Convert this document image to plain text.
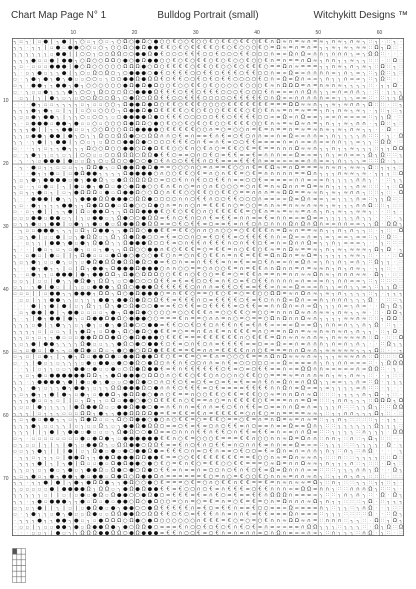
Chart Map Page N° 1	Bulldog Portrait (small)	Witchykitt Designs ™
10	20	30	40	50	60
10
20
30
40
50
60
70
╮ ▫ ╮ ǀ ▫ ● ǀ ╮ ● ǀ ╮ ○ ▫ ╮ ○ ▫ ╮ ○ Ω ○ ● Ω ○ ● ○ ○ € ○ ○ € ○ ○ € ○ € € ○ € € ○ € € ∩ Ω ≈ ∩ = ≈ ∩ = ≈ ╮ ∩ ≈ ╮ ∩ ≈ ╮ ∷ ╮ · ∷ ╮ ·
╮ ╮ · ╮ ╮ ǀ ▫ ● ▫ ● ● ○ ○ ▫ ○ ╮ ○ ○ Ω ○ ● Ω ● ● € € ○ € ○ € € € € ○ € ○ € ○ ○ ○ € ○ = Ω ≈ = ∩ = ∩ = ╮ ╮ ≈ ╮ ≈ ╮ ≈ ≈ ∷ Ω ╮ Ω ∷ ·
╮ ╮ ╮ ╮ ╮ ╮ ▫ ● ● ǀ ǀ ○ ○ ╮ ○ ○ Ω Ω ○ ○ ● ● Ω ● € ○ ○ ○ € € € ○ ○ € ○ ○ ○ € € ○ ○ ○ ∩ = ≈ Ω ∩ Ω ≈ ∩ ∩ ╮ ∩ ∩ ∩ ╮ ≈ ╮ Ω Ω ∷ · · ·
╮ ╮ ╮ ● ▫ ▫ ● ǀ ● ● ╮ ○ Ω ○ ○ Ω Ω ○ ● ○ ● Ω ● ● ○ ○ € ○ € ○ € € ○ € ○ € ○ ○ € ○ ○ € ∩ = ∩ = = ∩ Ω ≈ ╮ ∩ ∩ ╮ ╮ ≈ ╮ ╮ ∷ ∷ · ∷ Ω ∷
╮ ▫ · ▫ ▫ ▫ ● ● ● ǀ ● ○ Ω ○ ○ ○ ○ ○ Ω Ω Ω ● ○ Ω ○ € € € € ○ € € ○ € ○ ○ € ○ € € € ○ = = Ω ∩ ≈ = = = ╮ ╮ ∩ ≈ ╮ ∩ ╮ ≈ ╮ ∷ Ω ∷ ╮ ∷
╮ · ▫ ╮ ● ▫ ╮ ╮ ● ǀ ╮ ○ ▫ Ω ○ Ω ○ ╮ ○ ● ● ● ○ ● € ○ € € € ○ ○ € € ○ € € € ○ € € ○ ○ ∩ = ≈ Ω = ≈ ∩ ∩ ∩ ∩ ≈ ╮ ∩ ╮ ≈ ╮ ∷ ╮ Ω ∷ ╮ ∷
▫ · ╮ ● ╮ ● ╮ ● ╮ ● ▫ ▫ ○ ○ ▫ ╮ ○ ○ ● ● Ω ● Ω Ω € ○ € € ○ ○ € ○ € ○ € € ○ ○ ○ ○ € ○ ∩ ≈ Ω = Ω ∩ ≈ ≈ ╮ ∩ ╮ ╮ ∩ ≈ ≈ ╮ ∷ ╮ Ω ∷ · ·
▫ ╮ · ● ● ╮ ╮ ● ● ╮ ● ╮ ○ ○ ○ ○ ○ ○ ● Ω ● Ω ● Ω ○ ○ € ○ ○ € € ○ € ○ ○ ○ ○ € ○ ○ ○ € ≈ ∩ Ω Ω Ω = ∩ = ∩ ≈ ∩ ≈ ╮ ╮ ╮ ╮ ∷ · ╮ ╮ Ω ·
▫ · ╮ ▫ ▫ ● ╮ ╮ ╮ ● ╮ ○ ○ ╮ Ω ○ ○ ○ Ω ○ ● ● ● Ω € € € ○ € € ○ € € € ○ ○ ○ € ○ ○ ○ € ∩ = ≈ = ∩ ∩ Ω ∩ ╮ ╮ ≈ ∩ ≈ ∩ ∩ ╮ · ∷ · ╮ ╮ ╮
· ▫ ╮ ǀ ╮ ǀ ● ╮ ▫ ╮ ▫ ○ ○ Ω ○ ○ Ω ╮ ○ ● Ω ○ Ω Ω € € ○ ○ € € € ○ ○ ○ ○ ○ € € € € € ○ ∩ Ω ≈ ≈ ∩ ∩ ∩ ∩ ∩ ≈ ≈ ╮ ╮ ╮ ≈ ≈ ∷ · ∷ ╮ ╮ Ω
· · · ● ╮ ▫ ▫ ╮ ╮ ╮ ╮ ▫ ╮ ▫ ▫ ○ ○ ╮ Ω ● ● Ω ● Ω ○ € € ○ € € € ○ ○ ○ ○ € € € € € € € = = = Ω Ω ≈ ≈ ∩ ╮ ╮ ≈ ╮ ≈ ∩ ∩ ╮ Ω ∷ ∷ · ∷ ╮
╮ ╮ ╮ ● ╮ ● ╮ ▫ ǀ ╮ ǀ ▫ ○ ▫ ○ ○ ○ ╮ Ω ● ● Ω ● Ω € € € € ○ € ○ € ○ ○ € € € € ○ € ○ € ∩ ≈ = ∩ = ≈ = = ╮ ∩ ╮ ∩ ≈ ╮ ≈ ╮ · ╮ ∷ ╮ ∷ ╮
╮ ▫ ▫ ● ╮ ● ● ╮ ǀ ╮ ╮ ○ ▫ ○ ○ ╮ ▫ ○ ● ● ● ● Ω ● ○ € € € ○ ○ ○ ○ ○ € € ○ € € € € ○ ○ ≈ = Ω ≈ ∩ Ω = = ╮ ≈ ≈ ∩ ≈ ≈ ≈ ≈ ∷ ╮ ╮ Ω · ∷
╮ · ▫ ● ● ● ▫ ● ● ╮ ● ▫ ▫ ○ ▫ ○ ○ ○ Ω ● Ω Ω ○ ● ○ € ○ ○ € ○ € ○ € ○ ○ € € € € ○ ○ € ∩ ≈ = ≈ Ω ≈ ∩ = ╮ ∩ ╮ ╮ ≈ ╮ ∩ ∩ · ╮ Ω ∷ ╮ ∷
╮ ╮ ╮ ● ǀ ǀ ╮ ╮ ● ● ▫ ▫ ╮ ○ ○ Ω ○ ○ Ω Ω ● ● ● ● ○ € € € € € ○ ○ ∩ = ○ = ○ ○ ∩ = € = ∩ = = ∩ = ≈ = ≈ ∩ ≈ ╮ ≈ ╮ ∩ ≈ ╮ ╮ · · Ω · ·
╮ ╮ ▫ ● ● ╮ ● ● ǀ ● ╮ ○ ╮ ╮ Ω ○ ○ Ω Ω ● ○ ○ Ω Ω ∩ ∩ ○ € = ∩ = = € ∩ € = ○ € ○ ∩ ∩ = ≈ ∩ = Ω ≈ ≈ ∩ ∩ ≈ ╮ ∩ ╮ ╮ ╮ ╮ ∩ ∷ ∷ · ╮ · Ω
╮ ╮ · ╮ ● ǀ ╮ ● ● ǀ ╮ ○ ▫ ╮ ▫ Ω ○ ○ ● ● Ω ● ○ ○ ○ ○ € € € ○ ∩ € = ∩ € = ○ ○ € € = = = = ∩ = ∩ ≈ = ∩ ≈ ≈ ∩ ∩ ╮ ╮ ≈ ╮ ╮ ∷ Ω Ω · ∷
▫ · · ╮ ╮ ▫ ╮ ╮ ● ╮ ╮ ╮ Ω ○ ○ Ω ○ ○ ● ● ○ Ω ● Ω € € ○ ○ € ∩ ○ € ∩ ○ = € € ○ € = € = = ∩ ∩ ∩ Ω ≈ ≈ ∩ ╮ ╮ ∩ ╮ ╮ ≈ ╮ ╮ ╮ ∷ ╮ ╮ Ω Ω
▫ · ╮ ● ╮ ╮ ▫ ╮ ▫ ╮ ǀ ○ ○ ▫ ▫ ○ ○ Ω Ω Ω ○ Ω Ω ● € € ○ = = ○ ∩ ○ € ○ = € € = = € = ∩ ∩ ∩ = ≈ Ω = ≈ = ╮ ∩ ╮ ≈ ∩ ≈ ≈ ╮ Ω ╮ Ω ∷ ∷ ╮
· ╮ · ╮ ▫ ● ● ● ǀ ● ▫ ▫ Ω ╮ ○ ▫ Ω ○ ○ ● ○ ○ ● ○ € ∩ ○ ○ € € € ∩ ○ € = = = € € € ∩ = = ≈ ≈ ≈ = = ∩ ∩ ≈ ≈ ╮ ∩ ╮ ╮ ╮ ≈ ∷ ∷ Ω · ╮ ·
· ╮ · ● ▫ ╮ ╮ ▫ ▫ ▫ ╮ ╮ Ω Ω ● ╮ ▫ Ω ● ● Ω ● Ω ● = = ○ ○ ○ ∩ ○ = ∩ = = € ○ ○ ∩ € = € Ω ≈ = ∩ Ω = = = ≈ ∩ ≈ ∩ ╮ ≈ ≈ ╮ Ω ∷ ╮ ╮ ╮ ∷
· · · ● ╮ ╮ ● ▫ ǀ ▫ ● Ω ● ● ╮ ╮ ╮ ╮ Ω ● ● ● ● ○ ∩ ○ ○ € € ○ € = ∩ ○ ∩ € € = ○ € = ∩ ∩ ∩ ∩ ∩ = = Ω ∩ ╮ ╮ ╮ ∩ ≈ ≈ ╮ ≈ · ╮ ╮ ╮ ∷ Ω
╮ ▫ ╮ ● ╮ ● ● ● ● ▫ ● ╮ ● ● Ω ╮ ▫ ● Ω Ω Ω Ω Ω ○ = ○ ○ € ∩ ∩ € ○ ○ € € ∩ = = ○ ○ € = = = = ≈ ∩ ∩ = ≈ ≈ ∩ ╮ ╮ ╮ ╮ ∩ ∩ ╮ · · ∷ ╮ ╮
╮ ▫ · ╮ ▫ ● ▫ ǀ ╮ ǀ ● ▫ ● ╮ ● Ω ▫ ● ○ ● Ω ● ○ ○ € ∩ € ∩ ○ = ∩ ○ ∩ € ○ ○ ○ = ○ ∩ € = ∩ ≈ Ω ∩ ∩ = Ω = ≈ ∩ ╮ ╮ ╮ ╮ ∩ ≈ ∷ ∷ · ╮ ∷ Ω
╮ ▫ ╮ ╮ ● ▫ ╮ ǀ ▫ ╮ ● Ω Ω Ω ▫ ● ▫ Ω ● ● Ω ○ ○ Ω ○ ∩ € € ○ ○ € € ○ ○ € € ○ = = ∩ ∩ ∩ = ≈ Ω Ω = = ≈ ≈ ∩ ╮ ≈ ╮ ≈ ∩ ∩ ╮ ∷ ∷ ╮ ∷ · Ω
╮ · · ● ● ● ǀ ● ╮ ╮ ╮ ● ● ● Ω Ω ● ● ● ○ Ω Ω ● ○ ○ ○ ○ ∩ ∩ ○ € € ∩ ○ ○ € € ○ ○ ○ ∩ = = ≈ ≈ Ω = Ω ∩ = ≈ ╮ ≈ ╮ ╮ ╮ ∩ ≈ ∷ ╮ ╮ Ω ∷ ∷
╮ ▫ · ● ╮ ╮ ╮ ╮ ● ● ╮ ╮ Ω ● Ω Ω ● ▫ Ω ● ○ ○ Ω ● ○ ∩ = ∩ ∩ ○ ∩ = € € € ∩ ○ = ○ ○ = ∩ ∩ ≈ = ∩ ≈ ≈ ∩ ≈ ≈ ╮ ≈ ╮ ╮ ╮ ∩ ∩ Ω ∷ ∷ ╮ ∷ ∷
▫ · ▫ ╮ ● ǀ ǀ ╮ ╮ ● ǀ Ω ▫ ● ● Ω ╮ ╮ Ω Ω Ω ● ● ● € ○ € ○ € € ○ ∩ ○ € € € € € = ○ € ∩ = ≈ = ≈ ≈ = ∩ ∩ ╮ ∩ ╮ ≈ ╮ ╮ ≈ ≈ ╮ · · ∷ ╮ ·
▫ ▫ ▫ ● ● ▫ ● ● ▫ ╮ ǀ ╮ ▫ ● ● ▫ ╮ Ω ● ○ ○ ● Ω Ω = € ∩ ○ € ∩ ○ ∩ € = € € = ∩ ∩ = = € = ∩ ∩ = ≈ = Ω = ≈ ╮ ╮ ╮ ╮ ╮ ∩ ╮ ╮ · · ∷ · ╮
▫ ╮ ╮ ● ▫ ╮ ● ● ǀ ▫ ● ╮ ╮ ● ▫ ● ▫ Ω ● ● Ω ● Ω Ω = = ○ € ○ € € = ○ = = € = ∩ € ○ ∩ ○ ∩ ∩ ∩ Ω ∩ Ω ∩ Ω ∩ ≈ ≈ ∩ ∩ ≈ ≈ ╮ ╮ Ω · Ω Ω ╮
· ╮ ▫ ▫ ● ● ● ╮ ╮ ╮ ▫ Ω ╮ Ω ● ● ╮ ╮ ● Ω Ω ○ ● ● € € = € € ○ ∩ ∩ ○ ∩ ○ ○ = ○ € € € € ∩ = Ω ≈ ∩ = = ≈ ∩ ╮ ╮ ∩ ╮ ∩ ╮ ╮ ∷ · ╮ ∷ · Ω
· ▫ ╮ ● ǀ ▫ ▫ ● ǀ ▫ ╮ ● Ω Ω ▫ ╮ Ω ╮ Ω ● Ω ● ○ ○ = € = ○ ○ ∩ ○ = € ○ € € = ○ € € € € ∩ ∩ ≈ Ω ≈ ≈ ∩ = ╮ ≈ ╮ ≈ ≈ ╮ ≈ ≈ ∷ ╮ ∷ Ω ∷ ·
· · ▫ ╮ ╮ ǀ ● ● ╮ ● ▫ ● ╮ Ω ● Ω ╮ ╮ Ω ● ● ● Ω ○ ○ € = ○ ∩ € € ∩ € € € ∩ ○ ∩ € € ○ € = ∩ ≈ Ω ∩ ∩ Ω = ╮ ╮ ∩ ╮ ≈ ≈ ≈ ╮ · · ╮ ∷ ∷ ∷
╮ · · ǀ ● ▫ ╮ ▫ ╮ ▫ ● ╮ ▫ ▫ ╮ ● ╮ ╮ Ω Ω ○ ○ ● ● ∩ € ○ € € € = ○ = € € = ∩ ○ € € ○ € ≈ = ∩ Ω ≈ = = ≈ ╮ ∩ ╮ ≈ ╮ ≈ ≈ ≈ ╮ Ω ╮ Ω · ╮
╮ · ▫ ● ▫ ǀ ● ▫ ǀ ǀ ╮ Ω ● ▫ ▫ ▫ ● Ω ● ○ ● ○ ○ ● € ○ ∩ = ○ ∩ € ○ € € ∩ = ∩ € = € € = Ω ∩ Ω ∩ = ≈ Ω = ╮ ╮ ╮ ╮ ╮ ≈ ≈ ╮ ∷ · · · ∷ Ω
╮ ▫ ╮ ● ╮ ▫ ▫ ● ╮ ▫ ╮ ▫ ● Ω ● Ω Ω ● Ω Ω ● Ω ○ ● = € ○ ∩ = = ∩ € € € = ∩ = € = = ○ € ∩ = ≈ ∩ = Ω ∩ ≈ ╮ ∩ ╮ ∩ ╮ ≈ ∩ ╮ ∷ Ω ╮ ╮ · ∷
╮ · · ● ╮ ● ╮ ╮ ǀ ▫ ǀ Ω ╮ ● ● ╮ Ω ● ● ● Ω ● ● ● ○ ∩ ∩ ○ ○ = = ○ ∩ ○ ○ € = ∩ = € € ∩ ∩ Ω ∩ ∩ = ∩ = ≈ ≈ ∩ ╮ ∩ ╮ ∩ ≈ ╮ · ╮ ╮ ∷ · ∷
╮ · ▫ ● ╮ ╮ ▫ ● ● ● ǀ ● ╮ ● ● Ω Ω ╮ Ω ● ○ Ω Ω Ω ○ ○ € € ∩ ○ € ○ ○ = € = ○ = € € ∩ = = ∩ = ∩ ∩ ≈ ≈ Ω ∩ ≈ ╮ ∩ ∩ ∩ ≈ ≈ · Ω ╮ · ∷ ∷
▫ ▫ ╮ ǀ ▫ ▫ ǀ ● ╮ ╮ ● Ω ● ╮ Ω Ω ╮ ▫ ○ ● ○ ○ ○ Ω € € = € = € ○ ○ € = ∩ € ○ = € ○ € € ∩ ∩ ∩ ∩ ≈ ∩ = ≈ ≈ ∩ ╮ ∩ ∩ ≈ ≈ ╮ ∷ ╮ ∷ ∷ ∷ ∷
▫ ╮ · ╮ ● ǀ ● ▫ ǀ ǀ ╮ ▫ ▫ ● ● ● ╮ Ω Ω ○ ● ● ● Ω € € € € € ○ ∩ ∩ ∩ = € € ○ € = = € € ≈ ∩ ≈ ≈ Ω ≈ ≈ ≈ ∩ ╮ ╮ ≈ ∩ ╮ ╮ ≈ ╮ ∷ ╮ ╮ Ω ∷
▫ ▫ ▫ ǀ ǀ ▫ ● ● ╮ ╮ ● ● ● ╮ Ω Ω ╮ Ω ○ ● Ω ● ● ● ○ = ∩ € € ○ = = ○ € ○ € = ○ = € ○ ○ Ω Ω = ≈ ∩ Ω ∩ ≈ ╮ ≈ ╮ ∩ ╮ ╮ ╮ ╮ ∷ ╮ · ╮ ╮ ╮
· ▫ ▫ ǀ ╮ ╮ ● ● ╮ ╮ ▫ ╮ ╮ ╮ ● ● ╮ ● ● Ω ● Ω ○ Ω € € = € € € ∩ ○ = € € € € ○ € = € ○ ∩ ∩ Ω ≈ Ω ∩ ≈ = ∩ ╮ ∩ ∩ ∩ ╮ ╮ ╮ Ω · · ∷ ∷ ╮
· · · ● ǀ ╮ ● ǀ ● ǀ ▫ ╮ Ω ╮ ╮ Ω ╮ ● ○ Ω ● ○ ○ ● = = € ○ € € = ○ € € € € = ○ € € = = ∩ ∩ Ω ∩ ≈ ∩ ≈ Ω ╮ ╮ ╮ ∩ ≈ ╮ ∩ ≈ · · Ω ╮ Ω ╮
· ▫ ╮ ● ● ǀ ● ǀ ╮ ● ● ▫ ▫ ▫ ▫ ╮ ● ╮ Ω ● Ω ● ○ ○ ○ ○ = ○ ○ € € € ∩ = ○ ○ € € ○ = ○ ○ = ∩ ∩ ∩ Ω ≈ ∩ ∩ ≈ ≈ ╮ ∩ ≈ ╮ ╮ ≈ · ∷ · Ω Ω ╮
╮ · ╮ ǀ ● ╮ ● ● ǀ ● ╮ ▫ Ω ● ● Ω ● Ω ○ ● ● ● ○ ○ = = = € ∩ = = ○ ∩ ∩ = ∩ ○ = ○ = = ○ Ω ∩ Ω ∩ ∩ Ω ≈ ∩ ╮ ╮ ╮ ╮ ≈ ≈ ∩ ≈ ∷ ∷ ╮ Ω Ω ∷
╮ ╮ ╮ ▫ ● ǀ ╮ ● ╮ ╮ ▫ ╮ ● ╮ ▫ ● ╮ ● Ω ● ○ ○ ● ● = € € ○ ○ € ○ € ○ ∩ € € ∩ € = € ∩ € ≈ ≈ = ≈ Ω ≈ = Ω ╮ ∩ ∩ ≈ ∩ ╮ ╮ ∩ ╮ Ω · ∷ ╮ ·
╮ ╮ ╮ ╮ ▫ ǀ ▫ ▫ ╮ ǀ ╮ ● Ω ╮ ▫ Ω ● ╮ Ω ○ ● Ω ○ ● € € = ○ = = ∩ € ∩ € = ∩ € € € = ∩ ○ = = ∩ Ω ∩ = ≈ ≈ ∩ ≈ ∩ ≈ ∩ ╮ ∩ ╮ ╮ · ∷ ╮ Ω ∷
╮ ╮ ▫ ╮ ▫ ╮ ╮ ● ▫ ▫ ▫ ● ● Ω Ω Ω ● Ω ○ ● Ω ● ● ● ○ € € € = = = € € € € € € ∩ ○ € € € = Ω ∩ ≈ ∩ ≈ ∩ ∩ ≈ ╮ ∩ ≈ ≈ ≈ ≈ ∩ ∷ Ω · ∷ ∷ Ω
╮ ▫ ╮ ● ǀ ● ● ╮ ╮ ╮ ╮ Ω ● ▫ ▫ ╮ ╮ ● Ω ○ ● ○ ● ● € ○ € = ○ ∩ € ○ ∩ = € € € € = = ○ = ≈ Ω ≈ = ∩ = ∩ ∩ ∩ ╮ ∩ ≈ ∩ ╮ ∩ ╮ · · ∷ Ω ╮ ╮
▫ ╮ ▫ ● ▫ ǀ ● ╮ ╮ ▫ ● Ω ● ▫ Ω ▫ ╮ ● ○ ● ○ Ω Ω ● € € € = = € = ∩ ∩ = € € € € ∩ ∩ ○ € = = = ∩ ∩ Ω ≈ ∩ ╮ ≈ ≈ ≈ ≈ ≈ ╮ ╮ ╮ Ω ∷ · · ╮
▫ ╮ ▫ ǀ ▫ ● ╮ ǀ ╮ ● ╮ Ω ▫ ● ● Ω ● ▫ ● ● Ω ● ● Ω € ○ € = € = ○ = € ∩ = ○ ○ ○ € = = ∩ Ω ∩ Ω ≈ ≈ ≈ ∩ ≈ ╮ ╮ ╮ ≈ ≈ ≈ ∩ ∩ ∷ Ω ∷ ∷ ∷ Ω
▫ · ╮ ǀ ● ▫ ╮ ▫ ╮ ╮ ╮ ▫ ● ▫ ● ● ▫ ● ○ ● Ω ○ ● Ω ○ ∩ € ∩ € ○ ○ ∩ ∩ = ∩ € = ○ ○ ○ ○ ○ ≈ ≈ Ω ≈ = = = ∩ ╮ ∩ ╮ ∩ ∩ ≈ ≈ ≈ ∷ · ╮ Ω Ω Ω
· · ╮ ǀ ▫ ╮ ╮ ▫ ▫ ╮ ● ● ▫ ● ▫ ▫ ● ▫ ○ Ω ● Ω ● ● € = € ∩ € € € € € € ○ € = ○ = ○ € € = = ∩ ≈ = Ω Ω ∩ ∩ ≈ ≈ ≈ ≈ ≈ ∩ ≈ Ω Ω ∷ · ╮ ·
· ╮ ▫ ╮ ● ▫ ● ● ● ● ● ● Ω Ω ╮ ╮ ● Ω ● ● ● ○ Ω Ω ○ ∩ ○ € € ○ € € ○ ∩ ○ ○ ∩ ○ € € ○ ○ = = = ≈ = ∩ ∩ ∩ ≈ ∩ ╮ ≈ ╮ ∩ ≈ ╮ ∷ · · ╮ ∷ ∷
╮ ╮ · ╮ ● ● ● ● ╮ ● ǀ ● ▫ ● ╮ ● ▫ ▫ ○ ● Ω ● ○ ○ ∩ ○ € ○ € = ○ € = ○ = € = € = = ∩ € ∩ = Ω ∩ = ∩ Ω Ω ╮ ╮ ≈ ≈ ╮ ╮ ∩ ≈ ∷ Ω · ╮ ╮ ╮
╮ ╮ · ● ╮ ▫ ╮ ╮ ● ╮ ● ● ╮ ▫ ╮ ╮ Ω Ω ● ● ● Ω ○ ● ∩ ∩ € ○ € € € = ○ € = = = = € € € € ∩ ∩ Ω ∩ = Ω ≈ = ╮ ≈ ╮ ╮ ╮ ╮ ≈ ∩ ∷ ∷ · ╮ · ·
╮ ▫ ╮ ● ╮ ╮ ● ǀ ● ╮ ▫ ● ╮ ▫ ● ● Ω ╮ ● Ω Ω ● ○ ● ∩ ○ € = = ∩ ○ ○ € € ○ € € = € € ○ ○ ≈ = ∩ ∩ Ω ∩ ≈ Ω ∷ ∷ ∷ ╮ ╮ ╮ ╮ ∩ ╮ Ω · ╮ ∷ ·
╮ ╮ ╮ ● ▫ ▫ ╮ ▫ ǀ ǀ ▫ ╮ Ω ╮ ╮ ▫ Ω ▫ ● ● ○ ● ○ Ω € € € ∩ ○ € = = ∩ ○ = ∩ € € € € ○ € = = = ∩ ∩ = Ω = ∷ ∷ ╮ ∩ ∩ ╮ ╮ ╮ ∷ Ω Ω Ω ╮ Ω
╮ ▫ ▫ ǀ ● ╮ ╮ ╮ ╮ ǀ ● Ω ● ● Ω ▫ ▫ ● ● Ω ● ● ○ ● = ∩ € ∩ ∩ = € ∩ ∩ = € ○ € ∩ € € = ○ = = ∩ ∩ Ω = ∩ = ╮ ╮ ╮ ∩ ∷ ∷ ╮ ╮ Ω ╮ ∷ ∷ Ω Ω
╮ ╮ ╮ ǀ ▫ ╮ ╮ ╮ ▫ ▫ ▫ Ω Ω ╮ ● ╮ ╮ ● ● Ω Ω Ω Ω ● = € = € € = € ∩ = € € € € = ○ ∩ € ○ = ∩ = = = = ≈ ≈ ╮ ∷ ╮ ╮ ∩ ∩ ╮ ╮ ╮ Ω ╮ ∷ · ∷
╮ ▫ ╮ ● ▫ ● ● ╮ ╮ ▫ ╮ Ω ● Ω ▫ ▫ ╮ Ω ○ Ω ● ● ○ ● ○ ∩ ○ € € = ○ = € € ○ = = ○ € = ∩ = ∩ Ω = ≈ = ∩ ≈ = ∷ ╮ ╮ ∩ ╮ ∷ ∷ ∷ ∷ ╮ · ╮ ╮ ·
╮ ╮ ╮ ● ╮ ▫ ▫ ╮ ╮ ǀ ▫ ╮ ▫ ▫ Ω ╮ ▫ ╮ ● ● Ω ● Ω Ω ○ = = ○ € = € = ○ ∩ ○ € € = ∩ ○ = = ∩ = = Ω = = Ω ∩ ╮ ∷ ∷ ╮ ╮ ╮ ╮ ╮ ╮ Ω ╮ ╮ ╮ ∷
╮ ╮ ╮ ǀ ǀ ╮ ● ǀ ╮ ● ● ▫ ● ▫ ▫ ▫ ╮ Ω ● Ω ○ ○ ● Ω = = ○ ∩ ∩ ∩ € € ∩ € € ○ ∩ € € = € € = ∩ ≈ = ∩ ∩ Ω = ∷ ∷ ╮ ╮ ╮ ╮ ∷ ∩ ╮ ╮ ╮ · Ω Ω
▫ ╮ · ▫ ▫ ▫ ▫ ▫ ▫ ▫ ▫ ● ▫ ● Ω ● ╮ ▫ ● ● ● ● ● ● € € ∩ ○ € = ○ ○ ○ € = = = € € ∩ ○ ○ ∩ ∩ ≈ Ω = Ω ∩ ∩ ∷ ∩ ∩ ╮ ∷ ∩ ∷ ╮ Ω ╮ ∷ ∷ · ·
▫ ╮ ▫ ▫ ǀ ╮ ǀ ╮ ǀ ● ╮ ▫ ● ● Ω ╮ ▫ Ω Ω ● ● ○ Ω Ω € = = € ∩ ○ € ∩ ○ € € = ∩ ○ ∩ ∩ € = ∩ ∩ = = Ω = ≈ ≈ ∷ ╮ ╮ ╮ ∷ ∷ ╮ ╮ ╮ ╮ · Ω · ╮
▫ ▫ ╮ ╮ ● ╮ ǀ ǀ ǀ ● ǀ ▫ ╮ Ω ● ▫ ● ▫ ● ○ ● ● Ω ● = € € € ○ ∩ = ○ € ∩ = = ○ € ○ ○ = € ≈ Ω ∩ = ∩ ≈ ∩ ∩ ╮ ∩ ╮ ∷ ∩ ╮ ∷ ∩ Ω · · · · ╮
· ╮ ╮ ▫ ╮ ╮ ╮ ▫ ǀ ● ● Ω ╮ ╮ ● ● Ω ● ● ● Ω Ω ● ● € = = ○ ○ € € € € € € € € = = € ○ ○ ∩ ≈ = Ω ∩ ≈ ≈ ∩ ╮ ∷ ∷ ∩ ∷ ∷ ╮ ╮ ╮ ╮ ∷ ∷ Ω ∷
· ╮ ╮ ╮ ● ǀ ╮ ǀ ╮ ● ǀ Ω ▫ ▫ ● ▫ Ω ● Ω ● ● ○ ● ○ € ○ = € ∩ € ○ = € € ○ ○ € € = = = ○ ≈ Ω = ∩ ∩ Ω ≈ ≈ ╮ ∩ ╮ ╮ ╮ ∩ ∷ ╮ ∷ ∷ · Ω ╮ ∷
╮ ╮ ▫ ╮ ▫ ╮ ● ▫ ╮ ● ▫ ╮ ● ● Ω ▫ Ω ● ○ ● ○ Ω ● ○ € € = ∩ = = ∩ = ○ ○ ∩ ○ € ∩ € ○ € = Ω = Ω ∩ ∩ ∩ ≈ = ∷ ∷ ∷ ╮ ╮ ╮ ∩ ∩ ╮ Ω · · Ω ╮
╮ ▫ ╮ ● ▫ ╮ ● ╮ ● ● ╮ ● ▫ ● ● ▫ Ω ● Ω ○ Ω ● ● Ω ∩ = = = = = = € ○ = ∩ ○ = € ○ ○ € ○ ∩ ∩ ≈ = ∩ ∩ ≈ ∩ ╮ ∷ ╮ ╮ ∩ ╮ ∩ ╮ ∷ ∷ ∷ · ∷ ∷
╮ ╮ · ╮ ╮ ● ǀ ● ǀ ╮ ● ╮ ● Ω Ω ● ╮ ╮ ● Ω ○ ○ ● ○ € = = = ○ € = ○ ∩ ○ € € ∩ € € = = € = ∩ ≈ ∩ ≈ ≈ = Ω ╮ ∷ ∩ ╮ ∷ ∷ ╮ ╮ ∷ ╮ ╮ ∷ ╮ ·
╮ ▫ ▫ ▫ ▫ ▫ ● ǀ ● ● ● ● Ω ╮ Ω Ω ▫ ╮ ● Ω ● Ω ● ● € € = € ○ ○ ∩ ○ € = ∩ € € € = ○ € € ∩ ∩ ∩ ≈ = Ω Ω = ∩ ∩ ╮ ∷ ∷ ∩ ∩ ∩ Ω ╮ ∷ ∷ ╮ ·
╮ ╮ ╮ ╮ ╮ ▫ ǀ ǀ ▫ ǀ ▫ ● ▫ ● Ω ▫ Ω ● ● ○ ○ ● Ω ● ○ = € € € = € = ∩ € ○ = € = = € € ∩ Ω Ω Ω ∩ = = = ≈ ╮ ∷ ∷ ╮ ∩ ╮ ∩ ╮ ∷ · Ω · Ω ╮
╮ ╮ · ╮ ● ▫ ● ● ● ╮ ╮ ● ▫ Ω ▫ ● ▫ ● ● ○ Ω ○ ● Ω ○ ○ = ○ ∩ = ○ = € = ∩ = ○ € = € = ○ ∩ = Ω ∩ ∩ ∩ ≈ Ω ╮ ∩ ╮ ╮ ∷ ∷ ∷ ╮ Ω · ∷ ╮ ╮ ╮
▫ ╮ ▫ ╮ ● ǀ ǀ ╮ ǀ ▫ ǀ ▫ ● Ω ● ▫ ● ╮ ● ● ○ ○ ● Ω € € € € € ∩ = € ○ = € € ∩ = = € ○ ○ = = ≈ Ω ≈ = = = ∩ ╮ ∷ ╮ ╮ ∷ ╮ ∩ Ω · · ╮ ∷ ∷
▫ · ╮ ● ╮ ╮ ▫ ● ╮ ● ▫ ▫ Ω ● ▫ ▫ Ω Ω ● ● Ω ○ Ω Ω € € ○ € ○ = € € € ∩ ∩ = ∩ ∩ € = € € = = = Ω ∩ = = = ∷ ╮ ╮ ╮ ∷ ∷ ∷ ∷ Ω · · ∷ Ω ╮
· ╮ ╮ ╮ ● ╮ ╮ ● ● ╮ ● ▫ ╮ ▫ ● Ω Ω Ω ○ Ω ● ○ ● Ω ○ ○ ○ ○ ○ ○ ∩ € € € = € ○ = ○ = ○ € ∩ ∩ ≈ Ω Ω ≈ ∩ = ∷ ∩ ∩ ∩ ∷ ╮ ╮ ∷ · Ω ∷ ╮ Ω ╮
· ▫ ▫ ǀ ╮ ▫ ▫ ● ● ╮ ● ▫ Ω ● ● Ω ● ╮ ● ○ Ω Ω ● ○ = = = € ∩ ○ ○ € ○ € ○ € ∩ € ○ € = ∩ = ≈ ≈ = = ∩ Ω Ω ╮ ╮ ╮ ∷ ╮ ╮ ╮ ∷ · Ω ╮ Ω ∷ Ω
· · · ▫ ▫ ╮ ǀ ● ▫ ╮ ╮ Ω Ω Ω ● ● Ω Ω ○ ● Ω ● ● ● = € € ∩ ○ ○ € = ○ € ∩ = ∩ = ∩ ∩ = ○ ∩ Ω ∩ = ≈ ≈ ∩ ≈ ╮ ∷ ∩ ╮ ╮ ╮ ∷ ∩ Ω · ╮ ∷ · ∷
